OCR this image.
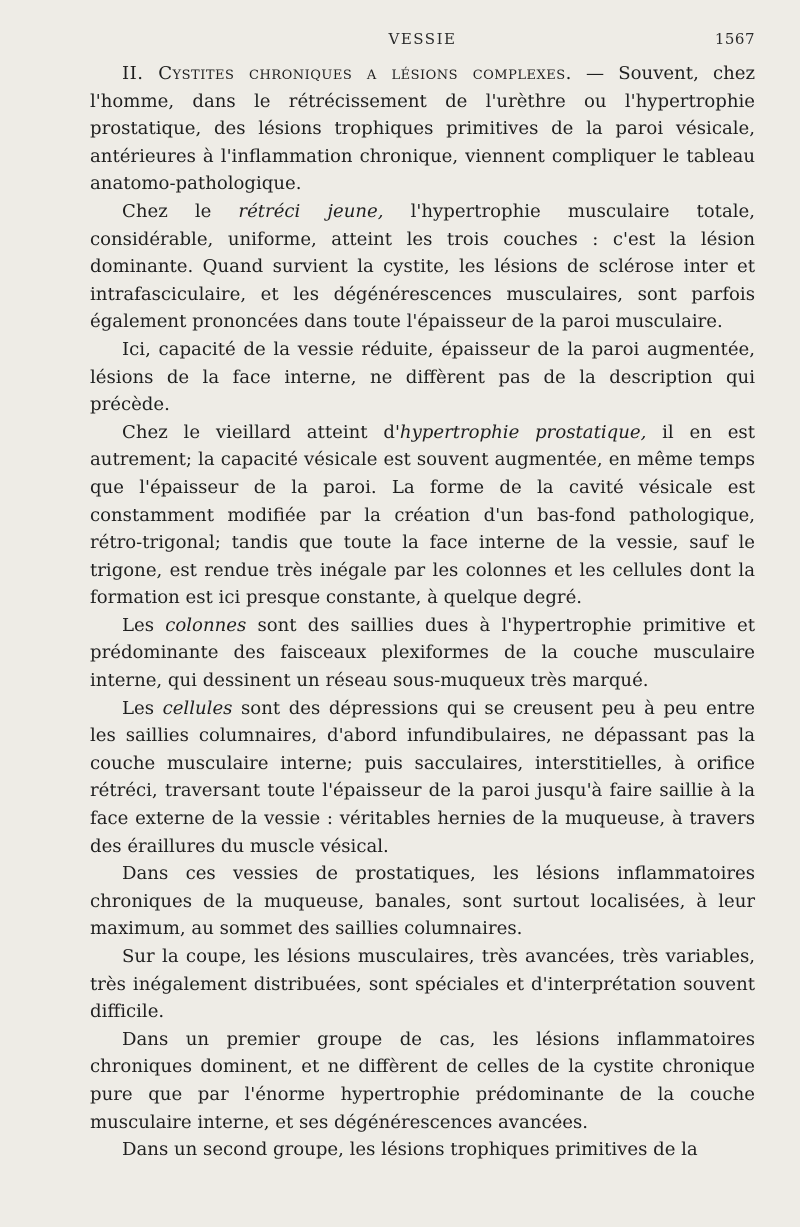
VESSIE	1567

II. Cystites chroniques a lésions complexes. — Souvent, chez l'homme, dans le rétrécissement de l'urèthre ou l'hypertrophie prostatique, des lésions trophiques primitives de la paroi vésicale, antérieures à l'inflammation chronique, viennent compliquer le tableau anatomo-pathologique.

Chez le rétréci jeune, l'hypertrophie musculaire totale, considérable, uniforme, atteint les trois couches : c'est la lésion dominante. Quand survient la cystite, les lésions de sclérose inter et intrafasciculaire, et les dégénérescences musculaires, sont parfois également prononcées dans toute l'épaisseur de la paroi musculaire.

Ici, capacité de la vessie réduite, épaisseur de la paroi augmentée, lésions de la face interne, ne diffèrent pas de la description qui précède.

Chez le vieillard atteint d'hypertrophie prostatique, il en est autrement; la capacité vésicale est souvent augmentée, en même temps que l'épaisseur de la paroi. La forme de la cavité vésicale est constamment modifiée par la création d'un bas-fond pathologique, rétro-trigonal; tandis que toute la face interne de la vessie, sauf le trigone, est rendue très inégale par les colonnes et les cellules dont la formation est ici presque constante, à quelque degré.

Les colonnes sont des saillies dues à l'hypertrophie primitive et prédominante des faisceaux plexiformes de la couche musculaire interne, qui dessinent un réseau sous-muqueux très marqué.

Les cellules sont des dépressions qui se creusent peu à peu entre les saillies columnaires, d'abord infundibulaires, ne dépassant pas la couche musculaire interne; puis sacculaires, interstitielles, à orifice rétréci, traversant toute l'épaisseur de la paroi jusqu'à faire saillie à la face externe de la vessie : véritables hernies de la muqueuse, à travers des éraillures du muscle vésical.

Dans ces vessies de prostatiques, les lésions inflammatoires chroniques de la muqueuse, banales, sont surtout localisées, à leur maximum, au sommet des saillies columnaires.

Sur la coupe, les lésions musculaires, très avancées, très variables, très inégalement distribuées, sont spéciales et d'interprétation souvent difficile.

Dans un premier groupe de cas, les lésions inflammatoires chroniques dominent, et ne diffèrent de celles de la cystite chronique pure que par l'énorme hypertrophie prédominante de la couche musculaire interne, et ses dégénérescences avancées.

Dans un second groupe, les lésions trophiques primitives de la
